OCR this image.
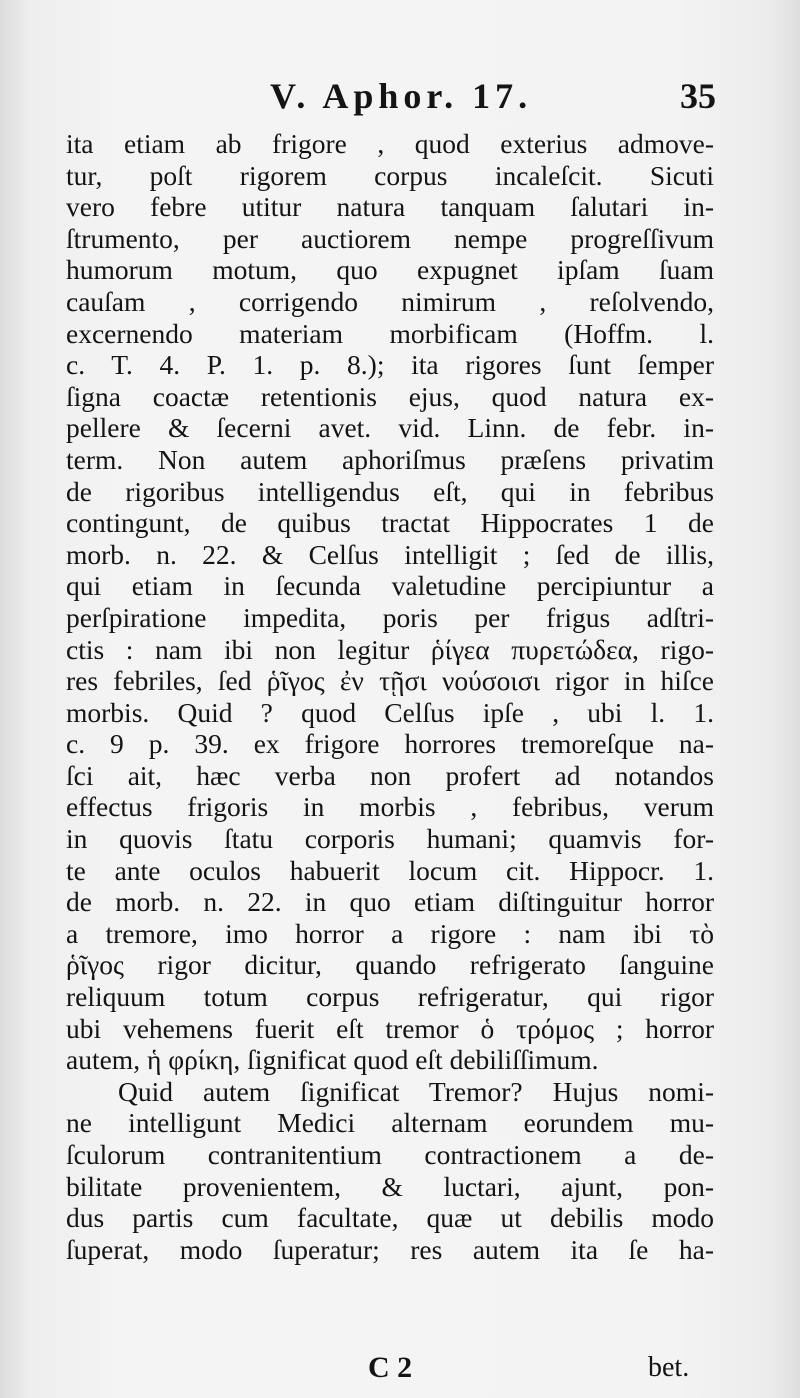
V. Aphor. 17.	35
ita etiam ab frigore , quod exterius admove-
tur, poſt rigorem corpus incaleſcit. Sicuti
vero febre utitur natura tanquam ſalutari in-
ſtrumento, per auctiorem nempe progreſſivum
humorum motum, quo expugnet ipſam ſuam
cauſam , corrigendo nimirum , reſolvendo,
excernendo materiam morbificam (Hoffm. l.
c. T. 4. P. 1. p. 8.); ita rigores ſunt ſemper
ſigna coactæ retentionis ejus, quod natura ex-
pellere & ſecerni avet. vid. Linn. de febr. in-
term. Non autem aphoriſmus præſens privatim
de rigoribus intelligendus eſt, qui in febribus
contingunt, de quibus tractat Hippocrates 1 de
morb. n. 22. & Celſus intelligit ; ſed de illis,
qui etiam in ſecunda valetudine percipiuntur a
perſpiratione impedita, poris per frigus adſtri-
ctis : nam ibi non legitur ῥίγεα πυρετώδεα, rigo-
res febriles, ſed ῥῖγος ἐν τῇσι νούσοισι rigor in hiſce
morbis. Quid ? quod Celſus ipſe , ubi l. 1.
c. 9 p. 39. ex frigore horrores tremoreſque na-
ſci ait, hæc verba non profert ad notandos
effectus frigoris in morbis , febribus, verum
in quovis ſtatu corporis humani; quamvis for-
te ante oculos habuerit locum cit. Hippocr. 1.
de morb. n. 22. in quo etiam diſtinguitur horror
a tremore, imo horror a rigore : nam ibi τὸ
ῥῖγος rigor dicitur, quando refrigerato ſanguine
reliquum totum corpus refrigeratur, qui rigor
ubi vehemens fuerit eſt tremor ὁ τρόμος ; horror
autem, ἡ φρίκη, ſignificat quod eſt debiliſſimum.
Quid autem ſignificat Tremor? Hujus nomi-
ne intelligunt Medici alternam eorundem mu-
ſculorum contranitentium contractionem a de-
bilitate provenientem, & luctari, ajunt, pon-
dus partis cum facultate, quæ ut debilis modo
ſuperat, modo ſuperatur; res autem ita ſe ha-
C 2	bet.
